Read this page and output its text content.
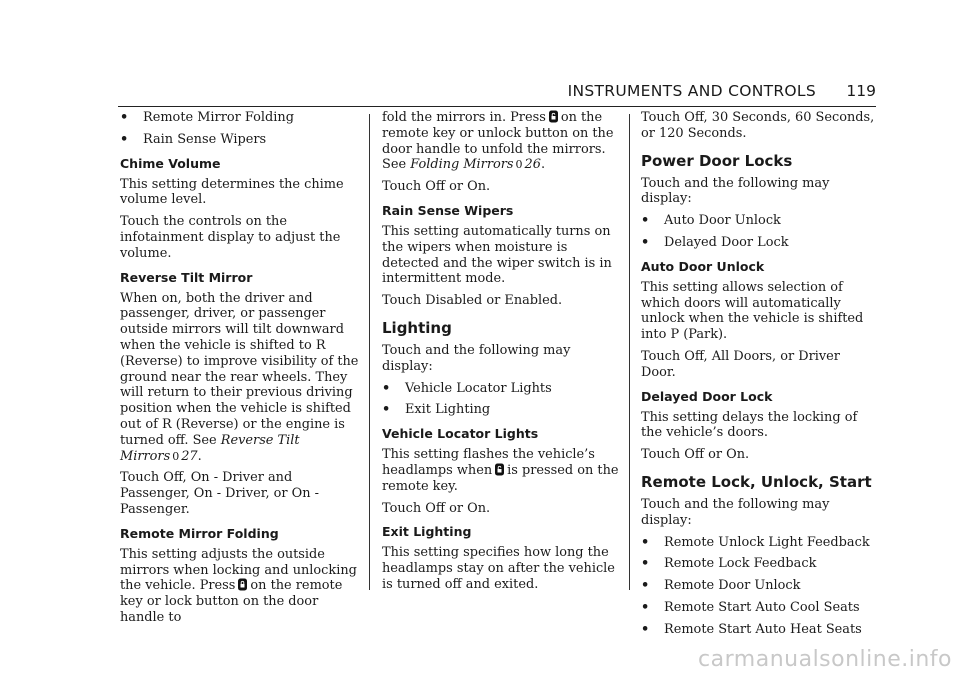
INSTRUMENTS AND CONTROLS 119
• Remote Mirror Folding
• Rain Sense Wipers
Chime Volume

This setting determines the chime volume level.

Touch the controls on the infotainment display to adjust the volume.

Reverse Tilt Mirror

When on, both the driver and passenger, driver, or passenger outside mirrors will tilt downward when the vehicle is shifted to R (Reverse) to improve visibility of the ground near the rear wheels. They will return to their previous driving position when the vehicle is shifted out of R (Reverse) or the engine is turned off. See Reverse Tilt Mirrors 0 27.

Touch Off, On - Driver and Passenger, On - Driver, or On - Passenger.

Remote Mirror Folding

This setting adjusts the outside mirrors when locking and unlocking the vehicle. Press on the remote key or lock button on the door handle to

fold the mirrors in. Press on the remote key or unlock button on the door handle to unfold the mirrors. See Folding Mirrors 0 26.

Touch Off or On.

Rain Sense Wipers

This setting automatically turns on the wipers when moisture is detected and the wiper switch is in intermittent mode.

Touch Disabled or Enabled.

Lighting

Touch and the following may display:

• Vehicle Locator Lights
• Exit Lighting
Vehicle Locator Lights

This setting flashes the vehicle’s headlamps when is pressed on the remote key.

Touch Off or On.

Exit Lighting

This setting specifies how long the headlamps stay on after the vehicle is turned off and exited.

Touch Off, 30 Seconds, 60 Seconds, or 120 Seconds.

Power Door Locks

Touch and the following may display:

• Auto Door Unlock
• Delayed Door Lock
Auto Door Unlock

This setting allows selection of which doors will automatically unlock when the vehicle is shifted into P (Park).

Touch Off, All Doors, or Driver Door.

Delayed Door Lock

This setting delays the locking of the vehicle’s doors.

Touch Off or On.

Remote Lock, Unlock, Start

Touch and the following may display:

• Remote Unlock Light Feedback
• Remote Lock Feedback
• Remote Door Unlock
• Remote Start Auto Cool Seats
• Remote Start Auto Heat Seats
carmanualsonline.info
